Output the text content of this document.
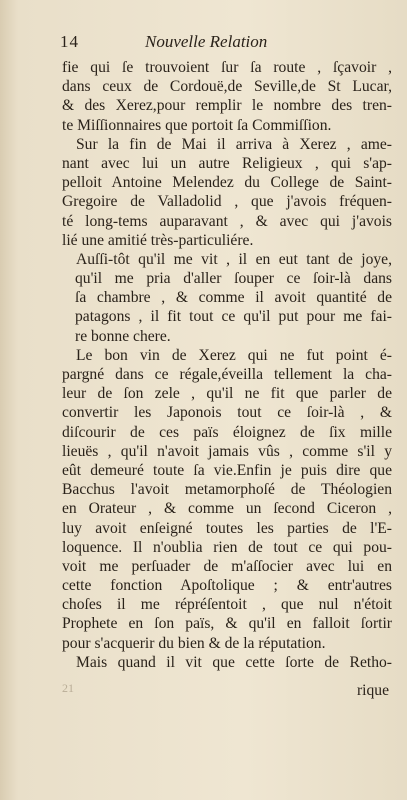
14	Nouvelle Relation
fie qui ſe trouvoient ſur ſa route , ſçavoir ,
dans ceux de Cordouë,de Seville,de St Lucar,
& des Xerez,pour remplir le nombre des tren-
te Miſſionnaires que portoit ſa Commiſſion.
Sur la fin de Mai il arriva à Xerez , ame-
nant avec lui un autre Religieux , qui s'ap-
pelloit Antoine Melendez du College de Saint-
Gregoire de Valladolid , que j'avois fréquen-
té long-tems auparavant , & avec qui j'avois
lié une amitié très-particuliére.
Auſſi-tôt qu'il me vit , il en eut tant de joye,
qu'il me pria d'aller ſouper ce ſoir-là dans
ſa chambre , & comme il avoit quantité de
patagons , il fit tout ce qu'il put pour me fai-
re bonne chere.
Le bon vin de Xerez qui ne fut point é-
pargné dans ce régale,éveilla tellement la cha-
leur de ſon zele , qu'il ne fit que parler de
convertir les Japonois tout ce ſoir-là , &
diſcourir de ces païs éloignez de ſix mille
lieuës , qu'il n'avoit jamais vûs , comme s'il y
eût demeuré toute ſa vie.Enfin je puis dire que
Bacchus l'avoit metamorphoſé de Théologien
en Orateur , & comme un ſecond Ciceron ,
luy avoit enſeigné toutes les parties de l'E-
loquence. Il n'oublia rien de tout ce qui pou-
voit me perſuader de m'aſſocier avec lui en
cette fonction Apoſtolique ; & entr'autres
choſes il me répréſentoit , que nul n'étoit
Prophete en ſon païs, & qu'il en falloit ſortir
pour s'acquerir du bien & de la réputation.
Mais quand il vit que cette ſorte de Retho-
21	rique
